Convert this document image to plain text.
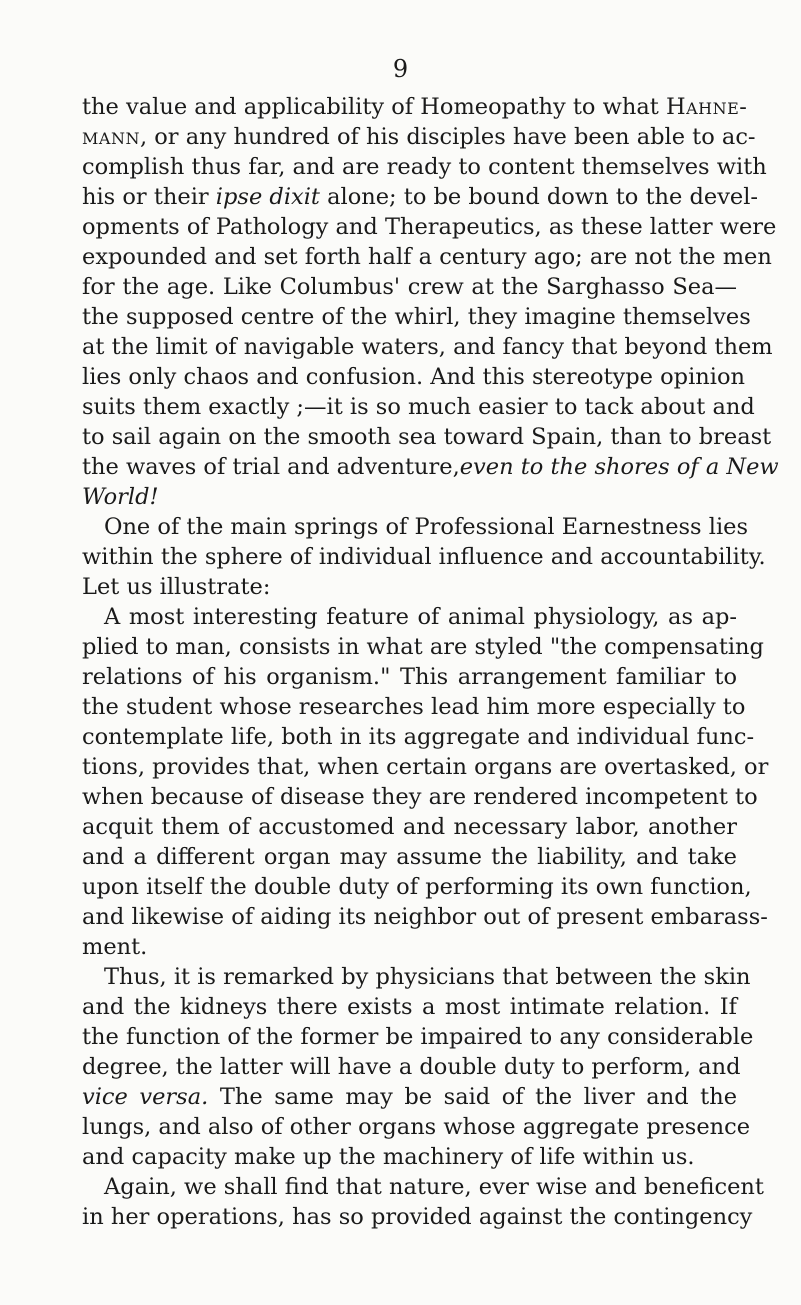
9

the value and applicability of Homeopathy to what Hahne-
mann, or any hundred of his disciples have been able to ac-
complish thus far, and are ready to content themselves with
his or their ipse dixit alone; to be bound down to the devel-
opments of Pathology and Therapeutics, as these latter were
expounded and set forth half a century ago; are not the men
for the age. Like Columbus' crew at the Sarghasso Sea—
the supposed centre of the whirl, they imagine themselves
at the limit of navigable waters, and fancy that beyond them
lies only chaos and confusion. And this stereotype opinion
suits them exactly ;—it is so much easier to tack about and
to sail again on the smooth sea toward Spain, than to breast
the waves of trial and adventure,even to the shores of a New
World!

One of the main springs of Professional Earnestness lies
within the sphere of individual influence and accountability.
Let us illustrate:

A most interesting feature of animal physiology, as ap-
plied to man, consists in what are styled "the compensating
relations of his organism." This arrangement familiar to
the student whose researches lead him more especially to
contemplate life, both in its aggregate and individual func-
tions, provides that, when certain organs are overtasked, or
when because of disease they are rendered incompetent to
acquit them of accustomed and necessary labor, another
and a different organ may assume the liability, and take
upon itself the double duty of performing its own function,
and likewise of aiding its neighbor out of present embarass-
ment.

Thus, it is remarked by physicians that between the skin
and the kidneys there exists a most intimate relation. If
the function of the former be impaired to any considerable
degree, the latter will have a double duty to perform, and
vice versa. The same may be said of the liver and the
lungs, and also of other organs whose aggregate presence
and capacity make up the machinery of life within us.

Again, we shall find that nature, ever wise and beneficent
in her operations, has so provided against the contingency
